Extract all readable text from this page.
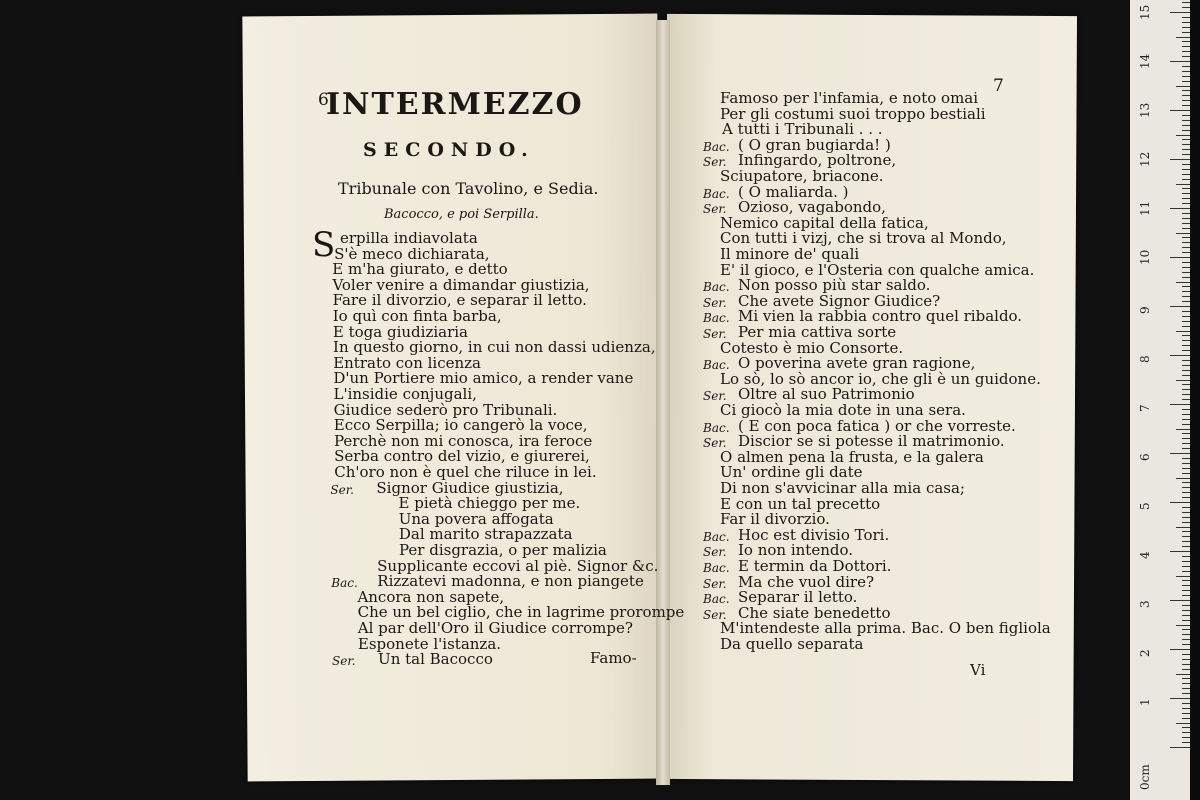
6
INTERMEZZO
SECONDO.
Tribunale con Tavolino, e Sedia.
Bacocco, e poi Serpilla.
S
Famo-
erpilla indiavolata
S'è meco dichiarata,
E m'ha giurato, e detto
Voler venire a dimandar giustizia,
Fare il divorzio, e separar il letto.
Io quì con finta barba,
E toga giudiziaria
In questo giorno, in cui non dassi udienza,
Entrato con licenza
D'un Portiere mio amico, a render vane
L'insidie conjugali,
Giudice sederò pro Tribunali.
Ecco Serpilla; io cangerò la voce,
Perchè non mi conosca, ira feroce
Serba contro del vizio, e giurerei,
Ch'oro non è quel che riluce in lei.
Ser. Signor Giudice giustizia,
E pietà chieggo per me.
Una povera affogata
Dal marito strapazzata
Per disgrazia, o per malizia
Supplicante eccovi al piè. Signor &c.
Bac. Rizzatevi madonna, e non piangete
Ancora non sapete,
Che un bel ciglio, che in lagrime prorompe
Al par dell'Oro il Giudice corrompe?
Esponete l'istanza.
Ser. Un tal Bacocco
7
Vi
Famoso per l'infamia, e noto omai
Per gli costumi suoi troppo bestiali
A tutti i Tribunali . . .
Bac. ( O gran bugiarda! )
Ser. Infingardo, poltrone,
Sciupatore, briacone.
Bac. ( O maliarda. )
Ser. Ozioso, vagabondo,
Nemico capital della fatica,
Con tutti i vizj, che si trova al Mondo,
Il minore de' quali
E' il gioco, e l'Osteria con qualche amica.
Bac. Non posso più star saldo.
Ser. Che avete Signor Giudice?
Bac. Mi vien la rabbia contro quel ribaldo.
Ser. Per mia cattiva sorte
Cotesto è mio Consorte.
Bac. O poverina avete gran ragione,
Lo sò, lo sò ancor io, che gli è un guidone.
Ser. Oltre al suo Patrimonio
Ci giocò la mia dote in una sera.
Bac. ( E con poca fatica ) or che vorreste.
Ser. Discior se si potesse il matrimonio.
O almen pena la frusta, e la galera
Un' ordine gli date
Di non s'avvicinar alla mia casa;
E con un tal precetto
Far il divorzio.
Bac. Hoc est divisio Tori.
Ser. Io non intendo.
Bac. E termin da Dottori.
Ser. Ma che vuol dire?
Bac. Separar il letto.
Ser. Che siate benedetto
M'intendeste alla prima. Bac. O ben figliola
Da quello separata
0cm
1
2
3
4
5
6
7
8
9
10
11
12
13
14
15
